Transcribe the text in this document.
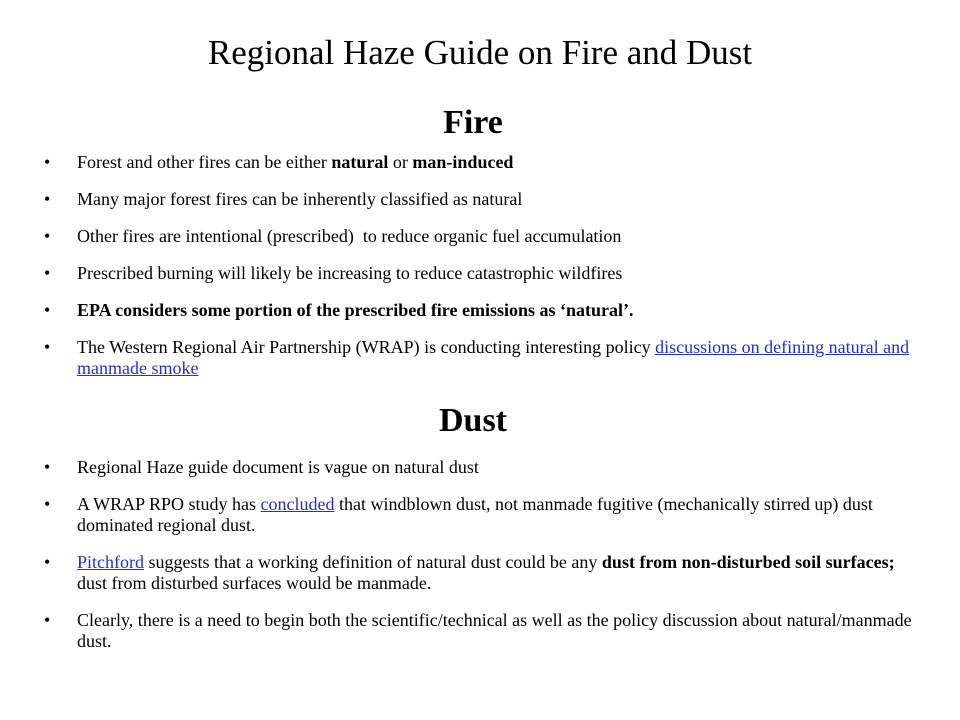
Regional Haze Guide on Fire and Dust
Fire
• Forest and other fires can be either natural or man-induced
• Many major forest fires can be inherently classified as natural
• Other fires are intentional (prescribed)  to reduce organic fuel accumulation
• Prescribed burning will likely be increasing to reduce catastrophic wildfires
• EPA considers some portion of the prescribed fire emissions as ‘natural’.
• The Western Regional Air Partnership (WRAP) is conducting interesting policy discussions on defining natural and manmade smoke
Dust
• Regional Haze guide document is vague on natural dust
• A WRAP RPO study has concluded that windblown dust, not manmade fugitive (mechanically stirred up) dust dominated regional dust.
• Pitchford suggests that a working definition of natural dust could be any dust from non-disturbed soil surfaces; dust from disturbed surfaces would be manmade.
• Clearly, there is a need to begin both the scientific/technical as well as the policy discussion about natural/manmade dust.
